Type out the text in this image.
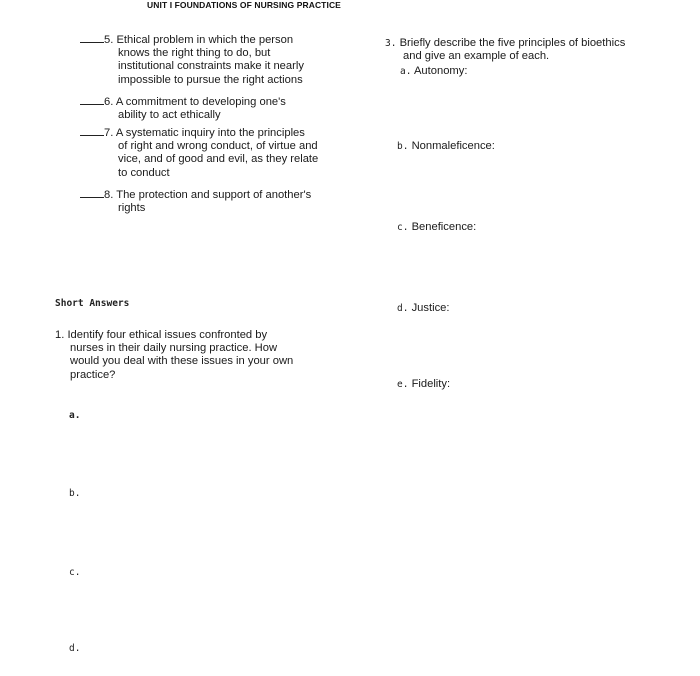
UNIT I FOUNDATIONS OF NURSING PRACTICE
5. Ethical problem in which the person
knows the right thing to do, but
institutional constraints make it nearly
impossible to pursue the right actions
6. A commitment to developing one's
ability to act ethically
7. A systematic inquiry into the principles
of right and wrong conduct, of virtue and
vice, and of good and evil, as they relate
to conduct
8. The protection and support of another's
rights
Short Answers
1. Identify four ethical issues confronted by
nurses in their daily nursing practice. How
would you deal with these issues in your own
practice?
a.
b.
c.
d.
3. Briefly describe the five principles of bioethics
and give an example of each.
a. Autonomy:
b. Nonmaleficence:
c. Beneficence:
d. Justice:
e. Fidelity:
